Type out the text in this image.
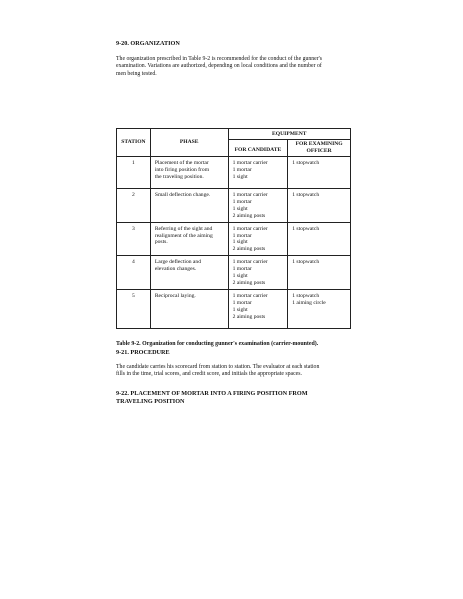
9-20. ORGANIZATION

The organization prescribed in Table 9-2 is recommended for the conduct of the gunner's
examination. Variations are authorized, depending on local conditions and the number of
men being tested.

STATION	PHASE	EQUIPMENT	
		FOR CANDIDATE	FOR EXAMINING
OFFICER

1	Placement of the mortar
into firing position from
the traveling position.	1 mortar carrier
1 mortar
1 sight	1 stopwatch

2	Small deflection change.	1 mortar carrier
1 mortar
1 sight
2 aiming posts	1 stopwatch

3	Referring of the sight and
realignment of the aiming
posts.	1 mortar carrier
1 mortar
1 sight
2 aiming posts	1 stopwatch

4	Large deflection and
elevation changes.	1 mortar carrier
1 mortar
1 sight
2 aiming posts	1 stopwatch

5	Reciprocal laying.	1 mortar carrier
1 mortar
1 sight
2 aiming posts	1 stopwatch
1 aiming circle

Table 9-2. Organization for conducting gunner's examination (carrier-mounted).

9-21. PROCEDURE

The candidate carries his scorecard from station to station. The evaluator at each station
fills in the time, trial scores, and credit score, and initials the appropriate spaces.

9-22. PLACEMENT OF MORTAR INTO A FIRING POSITION FROM
TRAVELING POSITION
